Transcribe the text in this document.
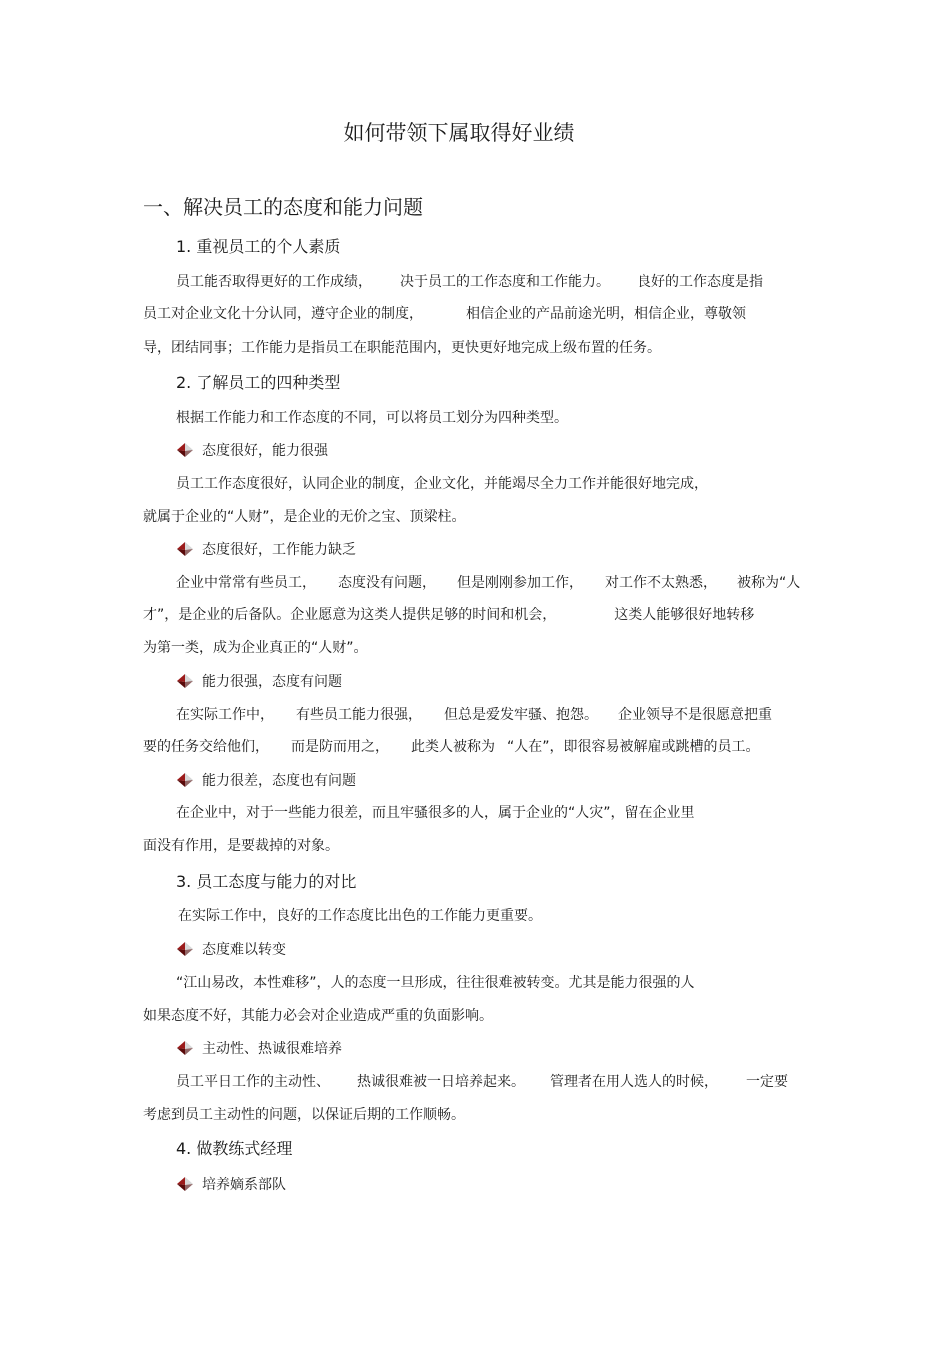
如何带领下属取得好业绩
一、解决员工的态度和能力问题
1. 重视员工的个人素质
员工能否取得更好的工作成绩， 决于员工的工作态度和工作能力。 良好的工作态度是指
员工对企业文化十分认同，遵守企业的制度，	相信企业的产品前途光明，相信企业，尊敬领
导，团结同事；工作能力是指员工在职能范围内，更快更好地完成上级布置的任务。
2. 了解员工的四种类型
根据工作能力和工作态度的不同，可以将员工划分为四种类型。
态度很好，能力很强
员工工作态度很好，认同企业的制度，企业文化，并能竭尽全力工作并能很好地完成，
就属于企业的“人财”，是企业的无价之宝、顶梁柱。
态度很好，工作能力缺乏
企业中常常有些员工， 态度没有问题， 但是刚刚参加工作， 对工作不太熟悉， 被称为“人
才”，是企业的后备队。企业愿意为这类人提供足够的时间和机会，	这类人能够很好地转移
为第一类，成为企业真正的“人财”。
能力很强，态度有问题
在实际工作中， 有些员工能力很强， 但总是爱发牢骚、抱怨。 企业领导不是很愿意把重
要的任务交给他们， 而是防而用之， 此类人被称为 “人在”，即很容易被解雇或跳槽的员工。
能力很差，态度也有问题
在企业中，对于一些能力很差，而且牢骚很多的人，属于企业的“人灾”，留在企业里
面没有作用，是要裁掉的对象。
3. 员工态度与能力的对比
在实际工作中，良好的工作态度比出色的工作能力更重要。
态度难以转变
“江山易改，本性难移”，人的态度一旦形成，往往很难被转变。尤其是能力很强的人
如果态度不好，其能力必会对企业造成严重的负面影响。
主动性、热诚很难培养
员工平日工作的主动性、 热诚很难被一日培养起来。 管理者在用人选人的时候， 一定要
考虑到员工主动性的问题，以保证后期的工作顺畅。
4. 做教练式经理
培养嫡系部队
